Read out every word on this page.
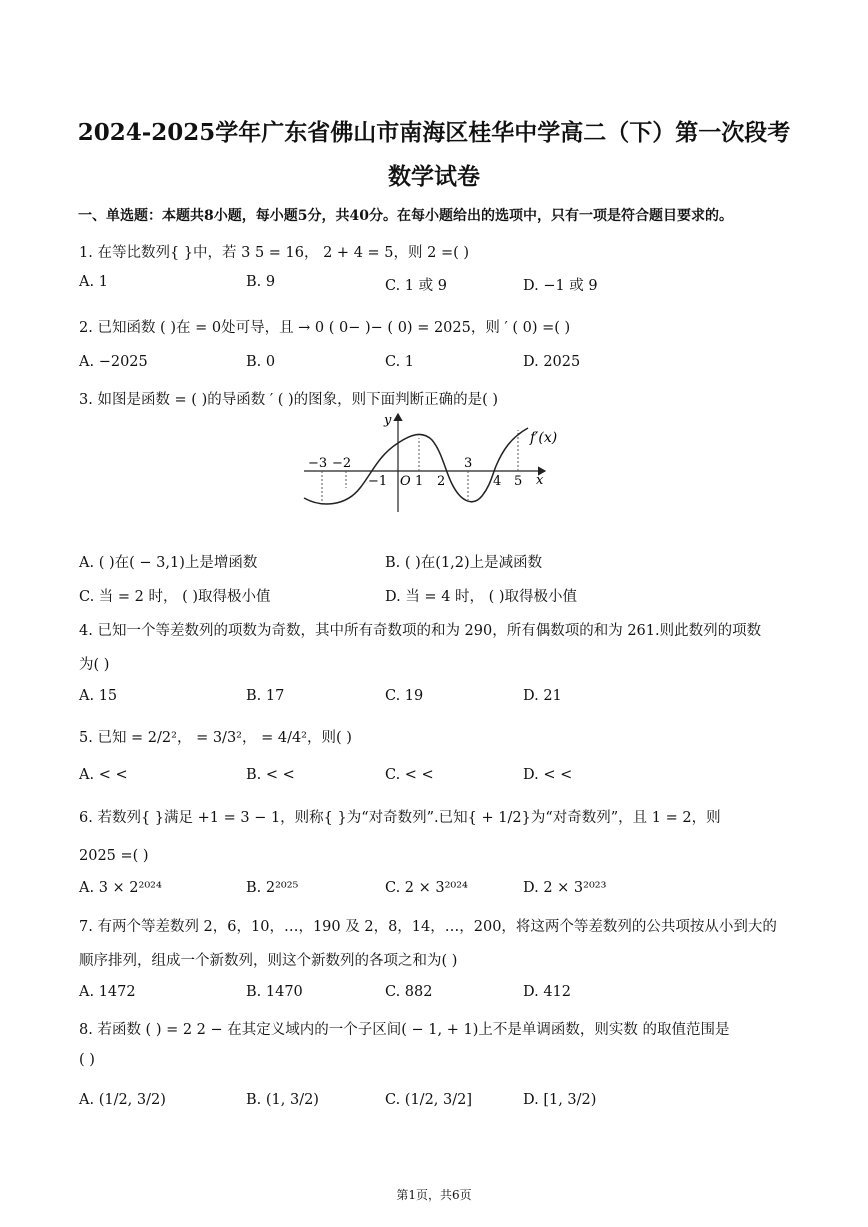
2024-2025学年广东省佛山市南海区桂华中学高二（下）第一次段考
数学试卷
一、单选题：本题共8小题，每小题5分，共40分。在每小题给出的选项中，只有一项是符合题目要求的。
1. 在等比数列{ }中，若 3 5 = 16， 2 + 4 = 5，则 2 =( )
A. 1	B. 9	C. 1 或 9	D. −1 或 9
2. 已知函数 ( )在 = 0处可导，且 → 0 ( 0− )− ( 0) = 2025，则 ′ ( 0) =( )
A. −2025	B. 0	C. 1	D. 2025
3. 如图是函数 = ( )的导函数 ′ ( )的图象，则下面判断正确的是( )
f′(x)
y
x
O
−3 −2
−1 1 2
3
4 5
A. ( )在( − 3,1)上是增函数	B. ( )在(1,2)上是减函数
C. 当 = 2 时， ( )取得极小值	D. 当 = 4 时， ( )取得极小值
4. 已知一个等差数列的项数为奇数，其中所有奇数项的和为 290，所有偶数项的和为 261.则此数列的项数
为( )
A. 15	B. 17	C. 19	D. 21
5. 已知 = 2/2²， = 3/3²， = 4/4²，则( )
A. < <	B. < <	C. < <	D. < <
6. 若数列{ }满足 +1 = 3 − 1，则称{ }为“对奇数列”.已知{ + 1/2}为“对奇数列”，且 1 = 2，则
2025 =( )
A. 3 × 2²⁰²⁴	B. 2²⁰²⁵	C. 2 × 3²⁰²⁴	D. 2 × 3²⁰²³
7. 有两个等差数列 2，6，10，…，190 及 2，8，14，…，200，将这两个等差数列的公共项按从小到大的
顺序排列，组成一个新数列，则这个新数列的各项之和为( )
A. 1472	B. 1470	C. 882	D. 412
8. 若函数 ( ) = 2 2 − 在其定义域内的一个子区间( − 1, + 1)上不是单调函数，则实数 的取值范围是
( )
A. (1/2, 3/2)	B. (1, 3/2)	C. (1/2, 3/2]	D. [1, 3/2)
第1页，共6页
